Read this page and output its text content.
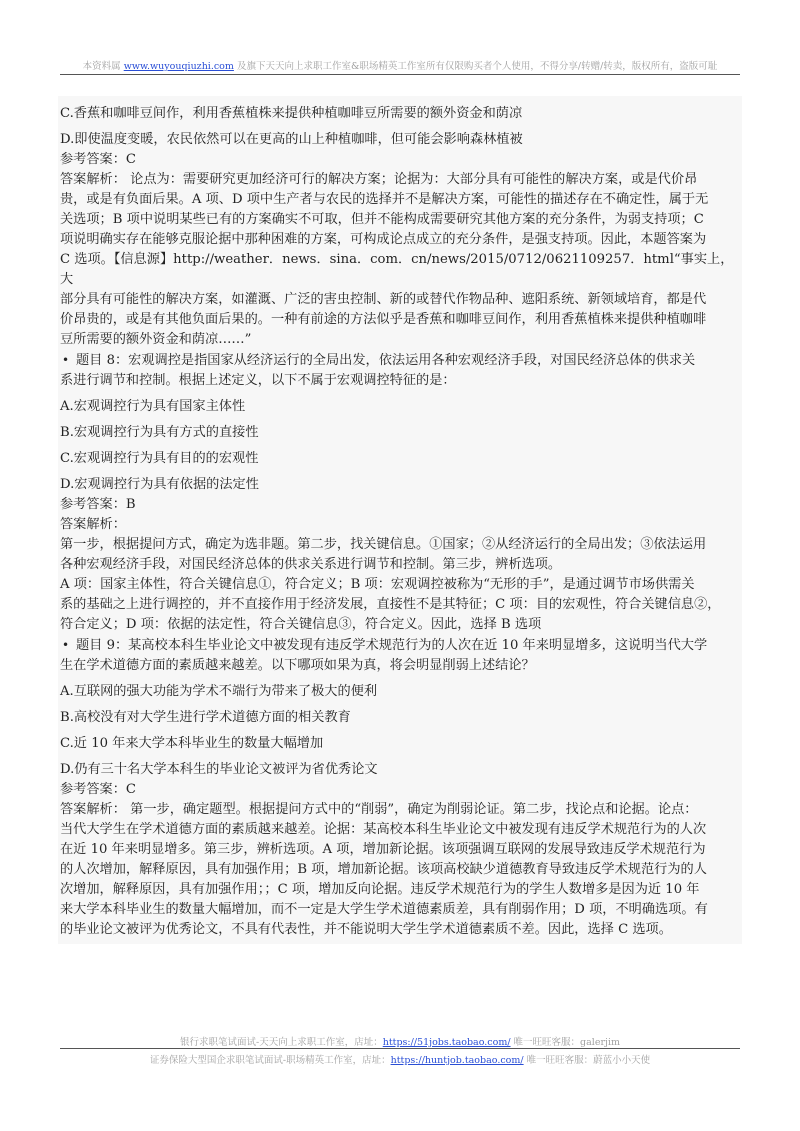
本资料属 www.wuyouqiuzhi.com 及旗下天天向上求职工作室&职场精英工作室所有仅限购买者个人使用，不得分享/转赠/转卖，版权所有，盗版可耻

C.香蕉和咖啡豆间作，利用香蕉植株来提供种植咖啡豆所需要的额外资金和荫凉

D.即使温度变暖，农民依然可以在更高的山上种植咖啡，但可能会影响森林植被

参考答案：C

答案解析： 论点为：需要研究更加经济可行的解决方案；论据为：大部分具有可能性的解决方案，或是代价昂

贵，或是有负面后果。A 项、D 项中生产者与农民的选择并不是解决方案，可能性的描述存在不确定性，属于无

关选项；B 项中说明某些已有的方案确实不可取，但并不能构成需要研究其他方案的充分条件，为弱支持项；C

项说明确实存在能够克服论据中那种困难的方案，可构成论点成立的充分条件，是强支持项。因此，本题答案为

C 选项。【信息源】http://weather．news．sina．com．cn/news/2015/0712/0621109257．html“事实上，大

部分具有可能性的解决方案，如灌溉、广泛的害虫控制、新的或替代作物品种、遮阳系统、新领域培育，都是代

价昂贵的，或是有其他负面后果的。一种有前途的方法似乎是香蕉和咖啡豆间作，利用香蕉植株来提供种植咖啡

豆所需要的额外资金和荫凉……”

• 题目 8：宏观调控是指国家从经济运行的全局出发，依法运用各种宏观经济手段，对国民经济总体的供求关

系进行调节和控制。根据上述定义，以下不属于宏观调控特征的是：

A.宏观调控行为具有国家主体性

B.宏观调控行为具有方式的直接性

C.宏观调控行为具有目的的宏观性

D.宏观调控行为具有依据的法定性

参考答案：B

答案解析：

第一步，根据提问方式，确定为选非题。第二步，找关键信息。①国家；②从经济运行的全局出发；③依法运用

各种宏观经济手段，对国民经济总体的供求关系进行调节和控制。第三步，辨析选项。

A 项：国家主体性，符合关键信息①，符合定义；B 项：宏观调控被称为“无形的手”，是通过调节市场供需关

系的基础之上进行调控的，并不直接作用于经济发展，直接性不是其特征；C 项：目的宏观性，符合关键信息②，

符合定义；D 项：依据的法定性，符合关键信息③，符合定义。因此，选择 B 选项

• 题目 9：某高校本科生毕业论文中被发现有违反学术规范行为的人次在近 10 年来明显增多，这说明当代大学

生在学术道德方面的素质越来越差。以下哪项如果为真，将会明显削弱上述结论？

A.互联网的强大功能为学术不端行为带来了极大的便利

B.高校没有对大学生进行学术道德方面的相关教育

C.近 10 年来大学本科毕业生的数量大幅增加

D.仍有三十名大学本科生的毕业论文被评为省优秀论文

参考答案：C

答案解析： 第一步，确定题型。根据提问方式中的“削弱”，确定为削弱论证。第二步，找论点和论据。论点：

当代大学生在学术道德方面的素质越来越差。论据：某高校本科生毕业论文中被发现有违反学术规范行为的人次

在近 10 年来明显增多。第三步，辨析选项。A 项，增加新论据。该项强调互联网的发展导致违反学术规范行为

的人次增加，解释原因，具有加强作用；B 项，增加新论据。该项高校缺少道德教育导致违反学术规范行为的人

次增加，解释原因，具有加强作用；；C 项，增加反向论据。违反学术规范行为的学生人数增多是因为近 10 年

来大学本科毕业生的数量大幅增加，而不一定是大学生学术道德素质差，具有削弱作用；D 项，不明确选项。有

的毕业论文被评为优秀论文，不具有代表性，并不能说明大学生学术道德素质不差。因此，选择 C 选项。

银行求职笔试面试-天天向上求职工作室，店址：https://51jobs.taobao.com/ 唯一旺旺客服：galerjim
证券保险大型国企求职笔试面试-职场精英工作室，店址：https://huntjob.taobao.com/ 唯一旺旺客服：蔚蓝小小天使
